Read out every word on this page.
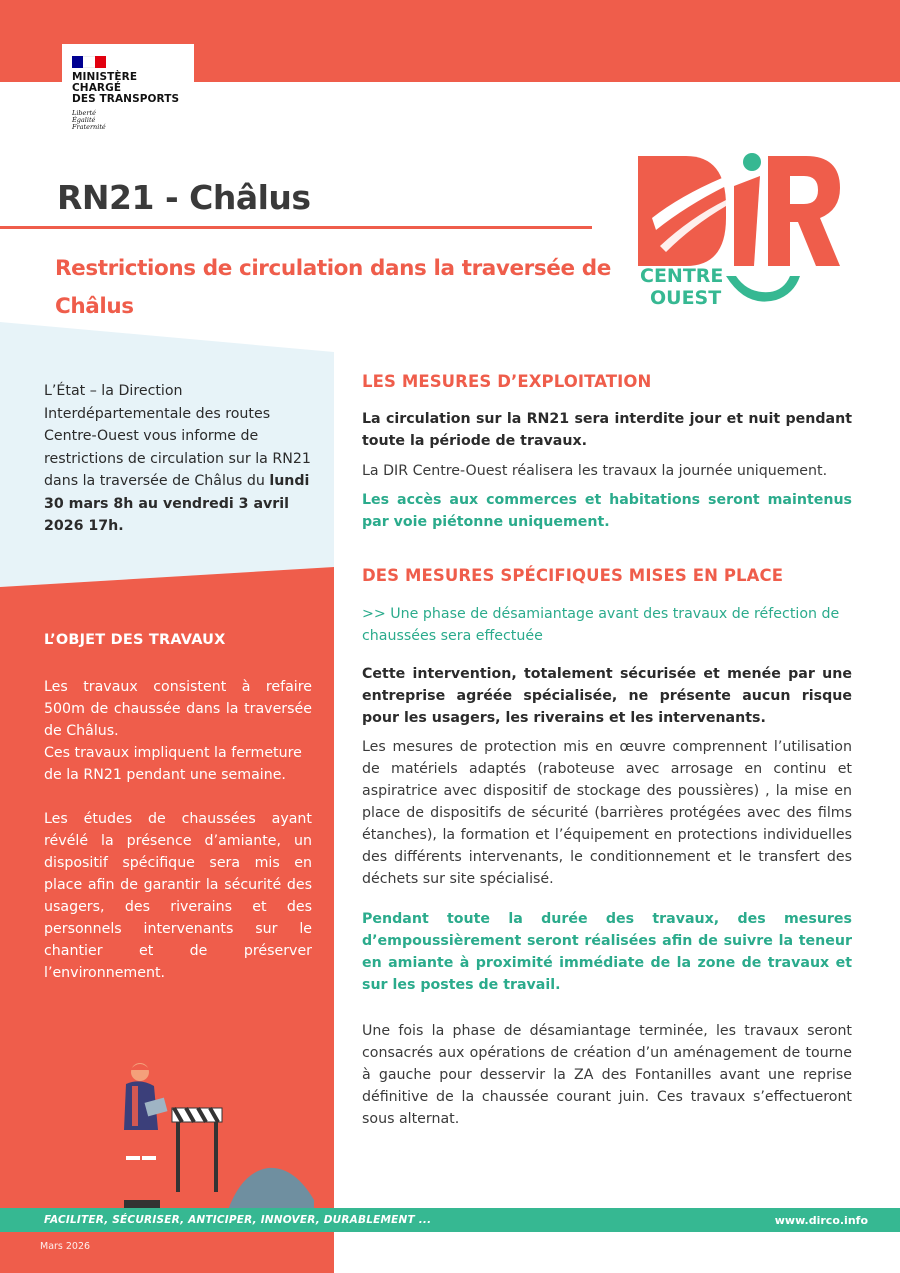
MINISTÈRE
CHARGÉ
DES TRANSPORTS
Liberté
Égalité
Fraternité
RN21 - Châlus
Restrictions de circulation dans la traversée de Châlus
CENTRE
OUEST
L’État – la Direction Interdépartementale des routes Centre-Ouest vous informe de restrictions de circulation sur la RN21 dans la traversée de Châlus du lundi 30 mars 8h au vendredi 3 avril 2026 17h.
L’OBJET DES TRAVAUX
Les travaux consistent à refaire 500m de chaussée dans la traversée de Châlus.
Ces travaux impliquent la fermeture de la RN21 pendant une semaine.
Les études de chaussées ayant révélé la présence d’amiante, un dispositif spécifique sera mis en place afin de garantir la sécurité des usagers, des riverains et des personnels intervenants sur le chantier et de préserver l’environnement.
LES MESURES D’EXPLOITATION
La circulation sur la RN21 sera interdite jour et nuit pendant toute la période de travaux.
La DIR Centre-Ouest réalisera les travaux la journée uniquement.
Les accès aux commerces et habitations seront maintenus par voie piétonne uniquement.
DES MESURES SPÉCIFIQUES MISES EN PLACE
>> Une phase de désamiantage avant des travaux de réfection de chaussées sera effectuée
Cette intervention, totalement sécurisée et menée par une entreprise agréée spécialisée, ne présente aucun risque pour les usagers, les riverains et les intervenants.
Les mesures de protection mis en œuvre comprennent l’utilisation de matériels adaptés (raboteuse avec arrosage en continu et aspiratrice avec dispositif de stockage des poussières) , la mise en place de dispositifs de sécurité (barrières protégées avec des films étanches), la formation et l’équipement en protections individuelles des différents intervenants, le conditionnement et le transfert des déchets sur site spécialisé.
Pendant toute la durée des travaux, des mesures d’empoussièrement seront réalisées afin de suivre la teneur en amiante à proximité immédiate de la zone de travaux et sur les postes de travail.
Une fois la phase de désamiantage terminée, les travaux seront consacrés aux opérations de création d’un aménagement de tourne à gauche pour desservir la ZA des Fontanilles avant une reprise définitive de la chaussée courant juin. Ces travaux s’effectueront sous alternat.
FACILITER, SÉCURISER, ANTICIPER, INNOVER, DURABLEMENT ...	www.dirco.info
Mars 2026
